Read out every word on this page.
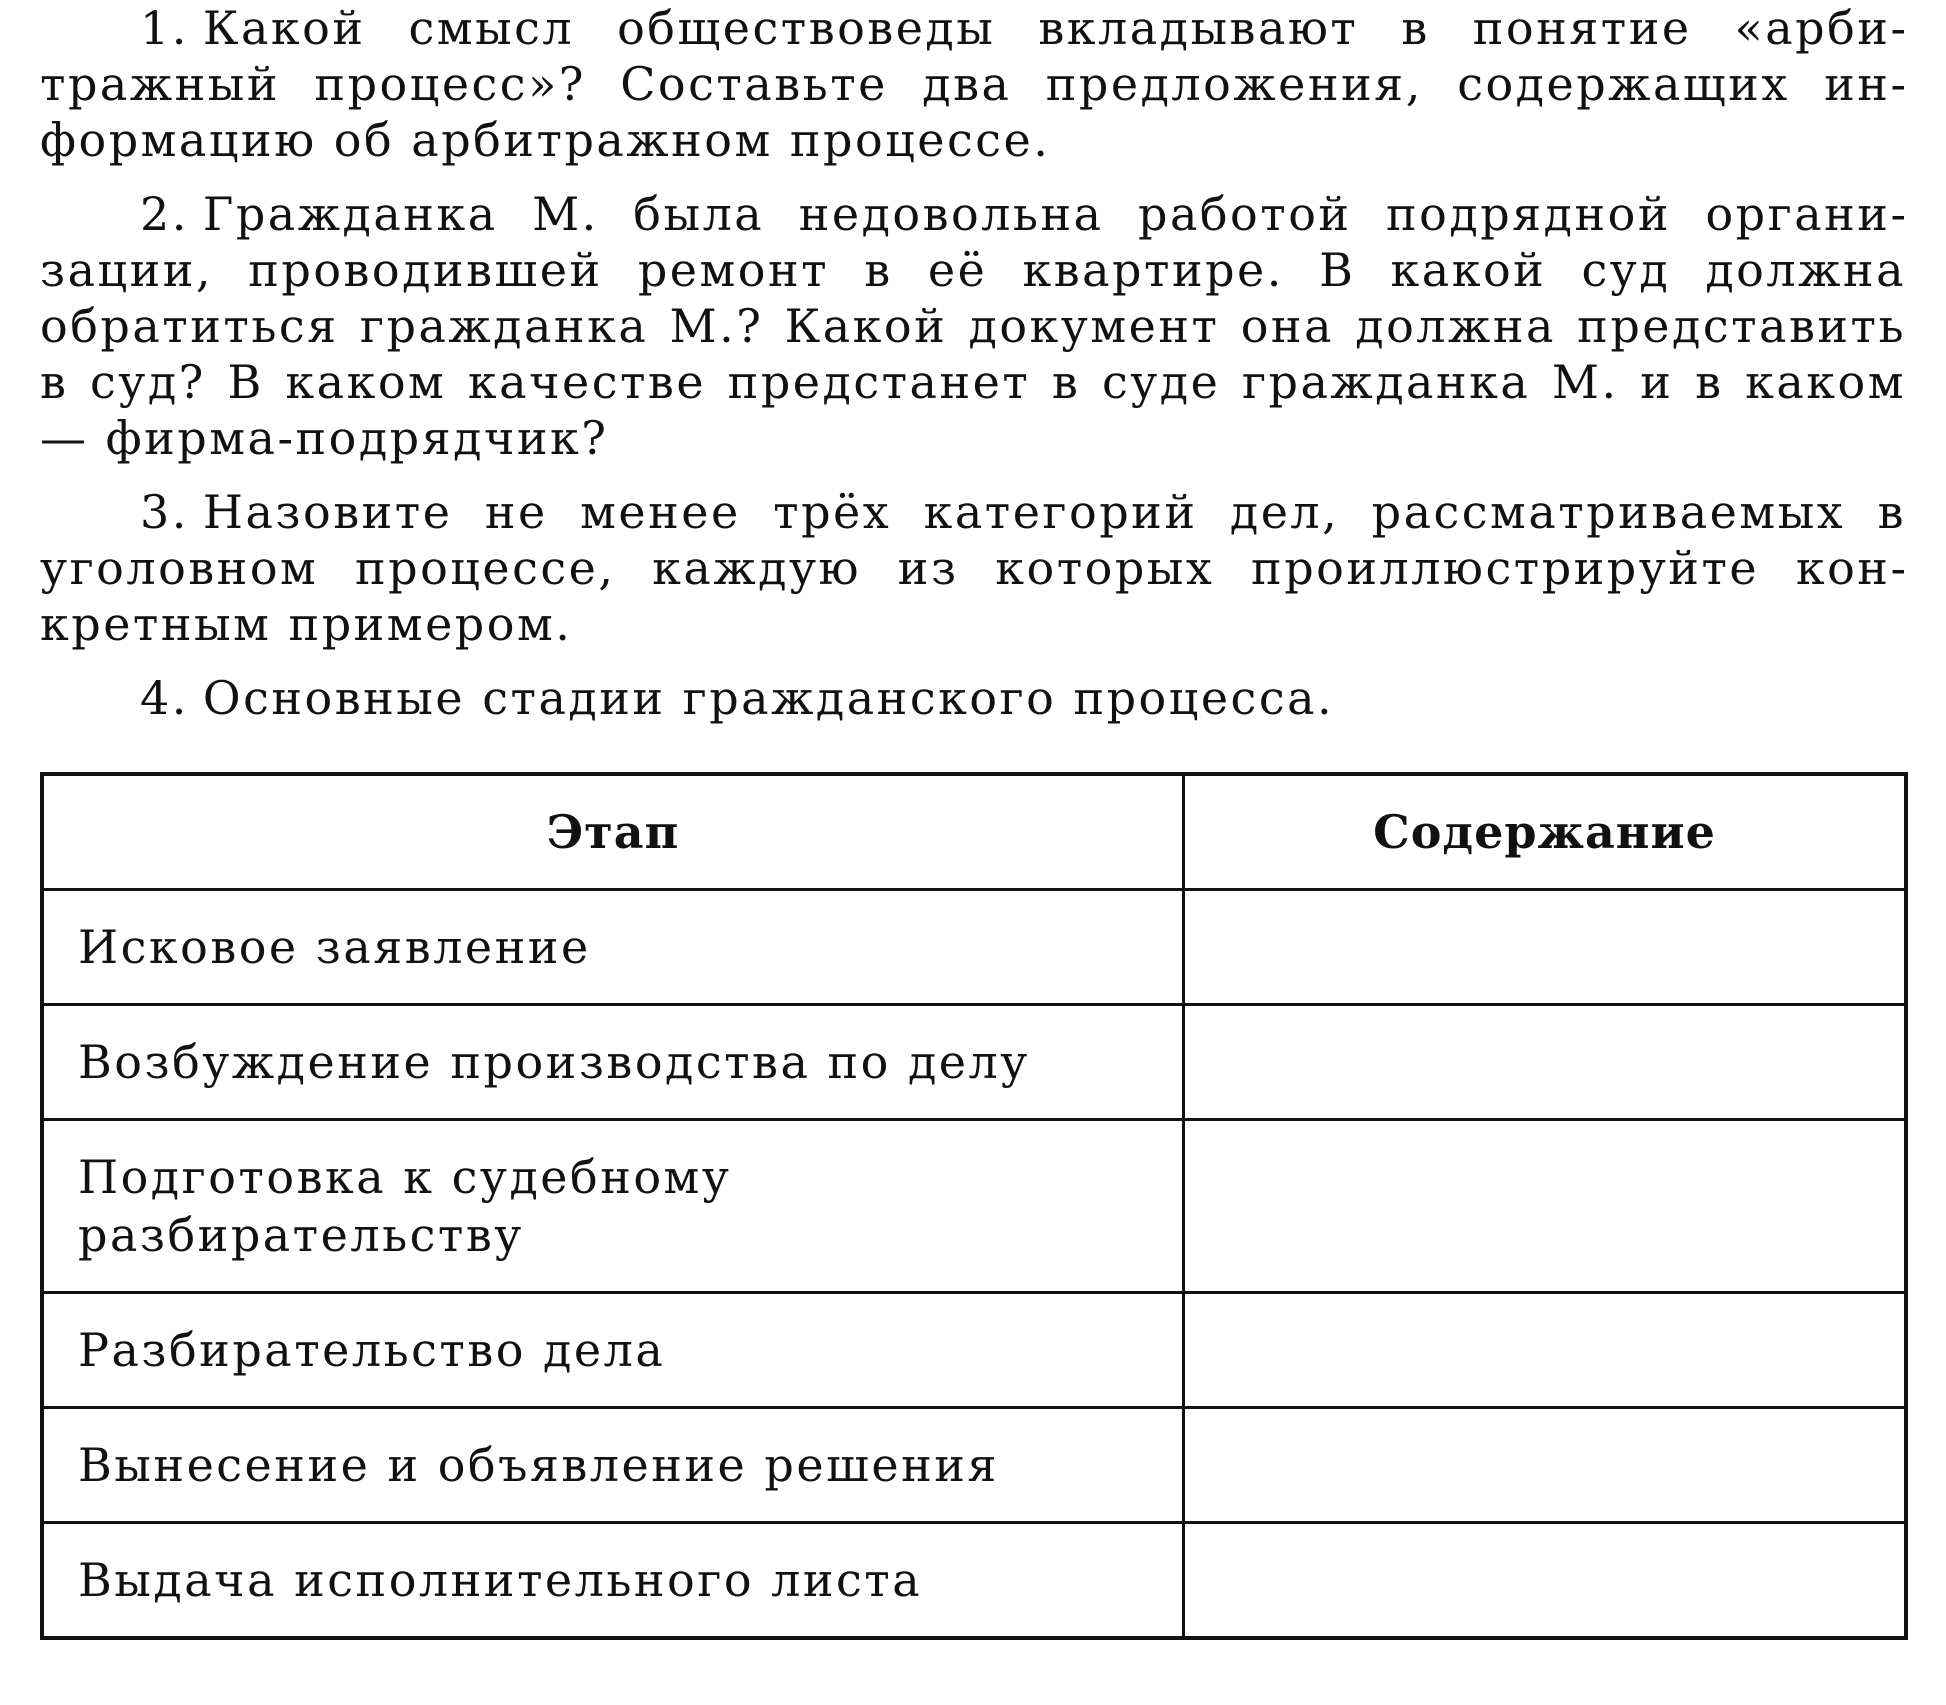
1. Какой смысл обществоведы вкладывают в понятие «арбитражный процесс»? Составьте два предложения, содержащих информацию об арбитражном процессе.

2. Гражданка М. была недовольна работой подрядной организации, проводившей ремонт в её квартире. В какой суд должна обратиться гражданка М.? Какой документ она должна представить в суд? В каком качестве предстанет в суде гражданка М. и в каком — фирма-подрядчик?

3. Назовите не менее трёх категорий дел, рассматриваемых в уголовном процессе, каждую из которых проиллюстрируйте конкретным примером.

4. Основные стадии гражданского процесса.

Этап	Содержание
Исковое заявление	
Возбуждение производства по делу	
Подготовка к судебному разбирательству	
Разбирательство дела	
Вынесение и объявление решения	
Выдача исполнительного листа	
